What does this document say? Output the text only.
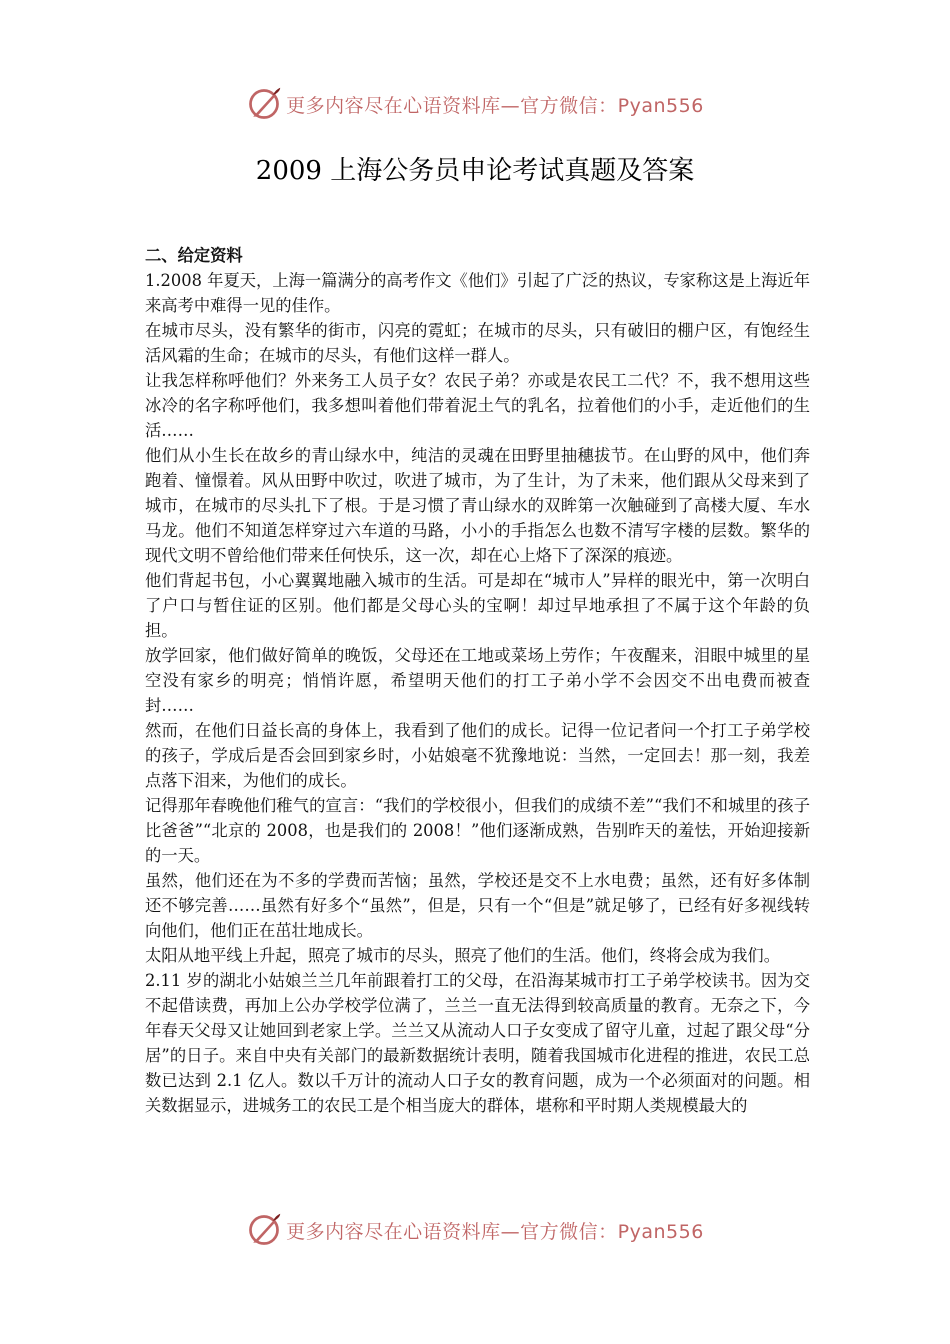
更多内容尽在心语资料库—官方微信：Pyan556
2009 上海公务员申论考试真题及答案

二、给定资料

1.2008 年夏天，上海一篇满分的高考作文《他们》引起了广泛的热议，专家称这是上海近年来高考中难得一见的佳作。

在城市尽头，没有繁华的街市，闪亮的霓虹；在城市的尽头，只有破旧的棚户区，有饱经生活风霜的生命；在城市的尽头，有他们这样一群人。

让我怎样称呼他们？外来务工人员子女？农民子弟？亦或是农民工二代？不，我不想用这些冰冷的名字称呼他们，我多想叫着他们带着泥土气的乳名，拉着他们的小手，走近他们的生活……

他们从小生长在故乡的青山绿水中，纯洁的灵魂在田野里抽穗拔节。在山野的风中，他们奔跑着、憧憬着。风从田野中吹过，吹进了城市，为了生计，为了未来，他们跟从父母来到了城市，在城市的尽头扎下了根。于是习惯了青山绿水的双眸第一次触碰到了高楼大厦、车水马龙。他们不知道怎样穿过六车道的马路，小小的手指怎么也数不清写字楼的层数。繁华的现代文明不曾给他们带来任何快乐，这一次，却在心上烙下了深深的痕迹。

他们背起书包，小心翼翼地融入城市的生活。可是却在“城市人”异样的眼光中，第一次明白了户口与暂住证的区别。他们都是父母心头的宝啊！却过早地承担了不属于这个年龄的负担。

放学回家，他们做好简单的晚饭，父母还在工地或菜场上劳作；午夜醒来，泪眼中城里的星空没有家乡的明亮；悄悄许愿，希望明天他们的打工子弟小学不会因交不出电费而被查封……

然而，在他们日益长高的身体上，我看到了他们的成长。记得一位记者问一个打工子弟学校的孩子，学成后是否会回到家乡时，小姑娘毫不犹豫地说：当然，一定回去！那一刻，我差点落下泪来，为他们的成长。

记得那年春晚他们稚气的宣言：“我们的学校很小，但我们的成绩不差”“我们不和城里的孩子比爸爸”“北京的 2008，也是我们的 2008！”他们逐渐成熟，告别昨天的羞怯，开始迎接新的一天。

虽然，他们还在为不多的学费而苦恼；虽然，学校还是交不上水电费；虽然，还有好多体制还不够完善……虽然有好多个“虽然”，但是，只有一个“但是”就足够了，已经有好多视线转向他们，他们正在茁壮地成长。

太阳从地平线上升起，照亮了城市的尽头，照亮了他们的生活。他们，终将会成为我们。

2.11 岁的湖北小姑娘兰兰几年前跟着打工的父母，在沿海某城市打工子弟学校读书。因为交不起借读费，再加上公办学校学位满了，兰兰一直无法得到较高质量的教育。无奈之下，今年春天父母又让她回到老家上学。兰兰又从流动人口子女变成了留守儿童，过起了跟父母“分居”的日子。来自中央有关部门的最新数据统计表明，随着我国城市化进程的推进，农民工总数已达到 2.1 亿人。数以千万计的流动人口子女的教育问题，成为一个必须面对的问题。相关数据显示，进城务工的农民工是个相当庞大的群体，堪称和平时期人类规模最大的

更多内容尽在心语资料库—官方微信：Pyan556
